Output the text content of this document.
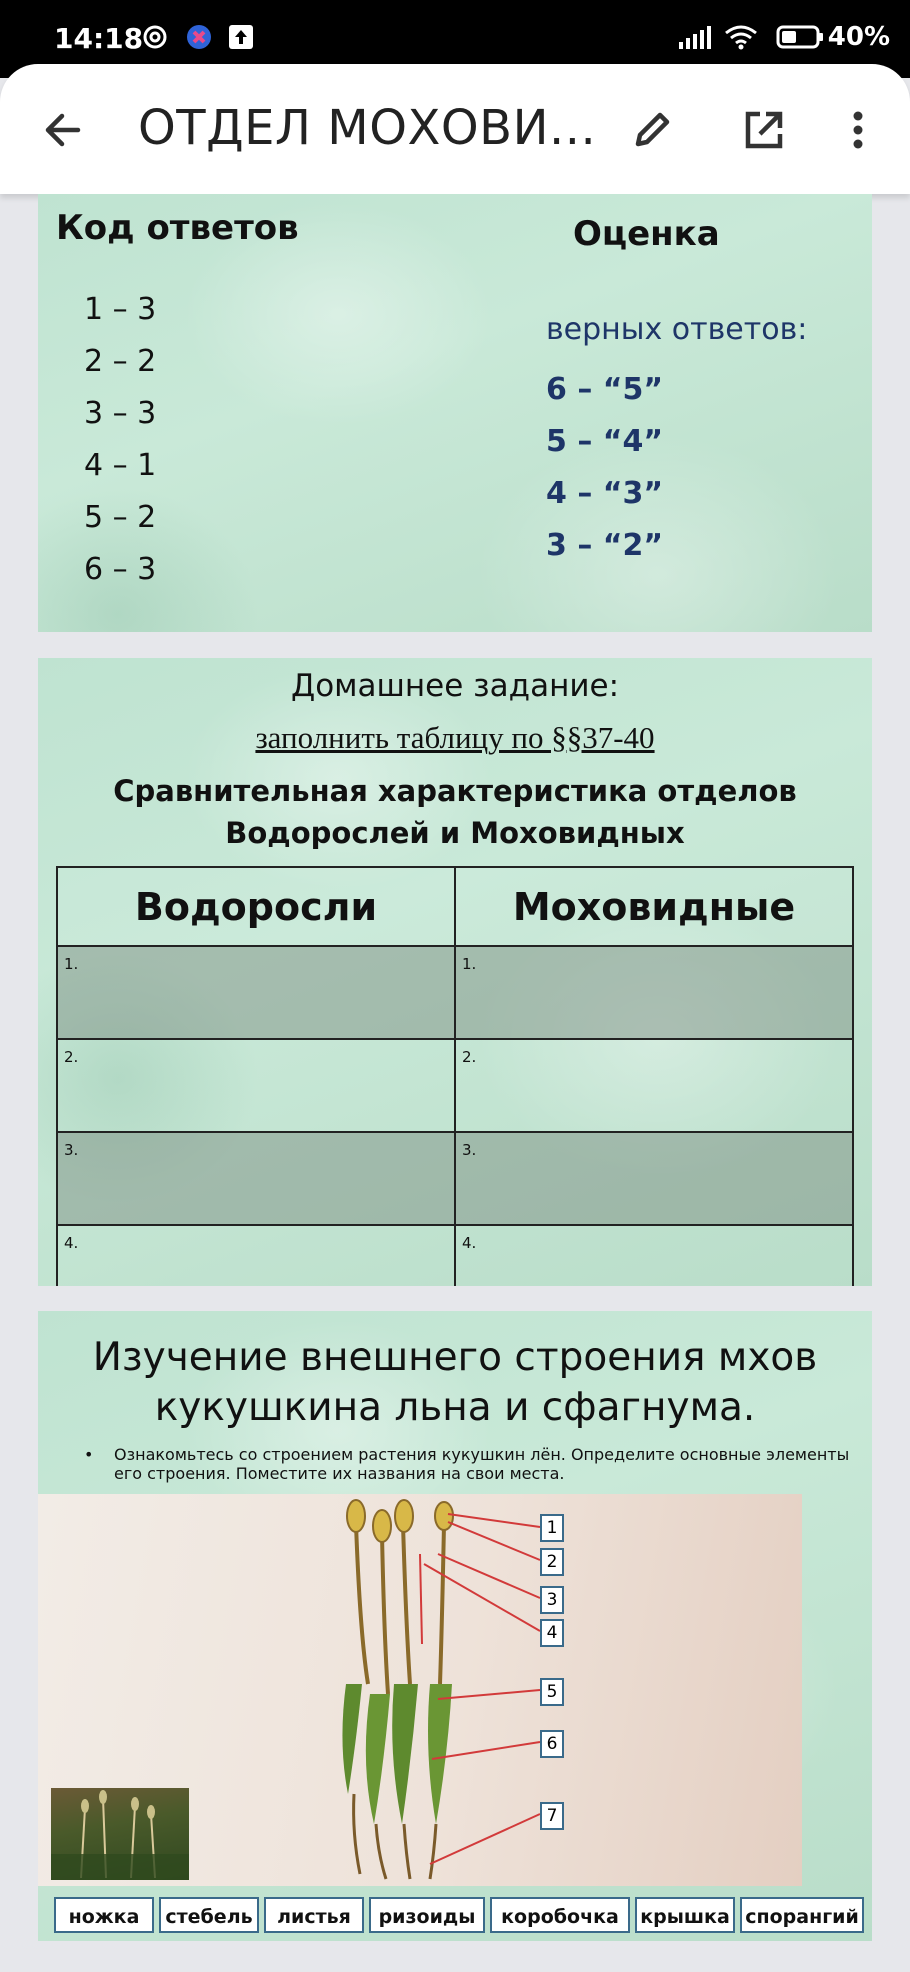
14:18	40%
ОТДЕЛ МОХОВИ...
Код ответов	Оценка
1 – 3
2 – 2
3 – 3
4 – 1
5 – 2
6 – 3
верных ответов:
6 – “5”
5 – “4”
4 – “3”
3 – “2”
Домашнее задание:
заполнить таблицу по §§37-40
Сравнительная характеристика отделов
Водорослей и Моховидных
Водоросли	Моховидные
1.	1.
2.	2.
3.	3.
4.	4.
Изучение внешнего строения мхов
кукушкина льна и сфагнума.
• Ознакомьтесь со строением растения кукушкин лён. Определите основные элементы его строения. Поместите их названия на свои места.
1
2
3
4
5
6
7
ножка	стебель	листья	ризоиды	коробочка	крышка спорангий
